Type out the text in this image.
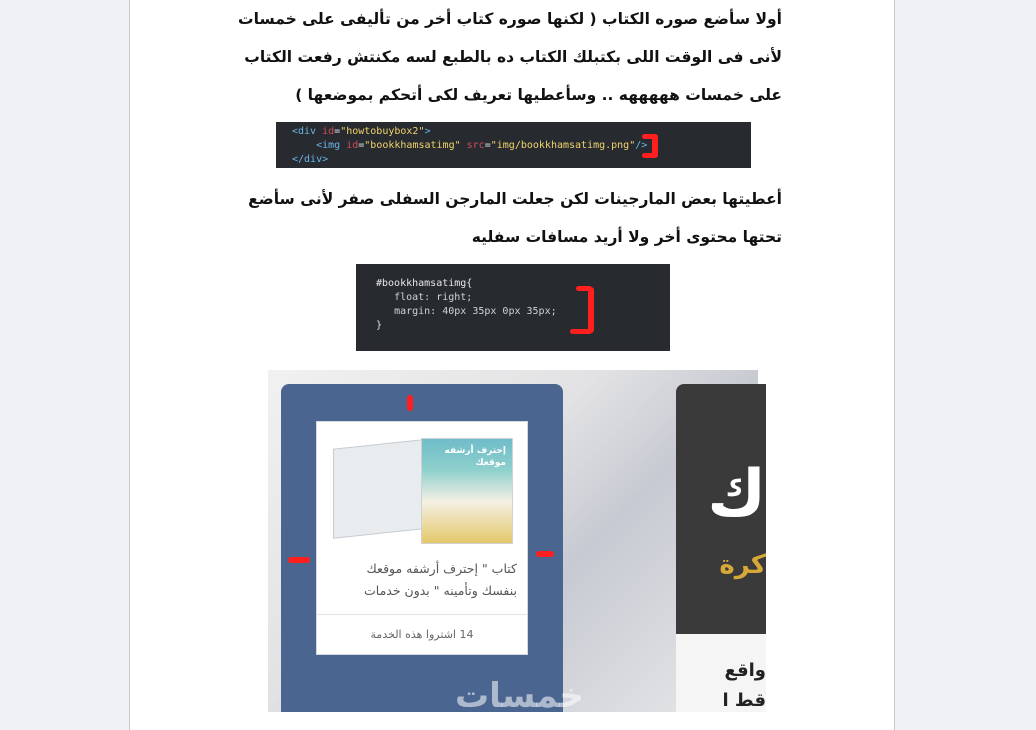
أولا سأضع صوره الكتاب ( لكنها صوره كتاب أخر من تأليفى على خمسات

لأنى فى الوقت اللى بكتبلك الكتاب ده بالطبع لسه مكنتش رفعت الكتاب

على خمسات هههههه .. وسأعطيها تعريف لكى أتحكم بموضعها )

<div id="howtobuybox2">
<img id="bookkhamsatimg" src="img/bookkhamsatimg.png"/>
</div>

أعطيتها بعض المارجينات لكن جعلت المارجن السفلى صفر لأنى سأضع

تحتها محتوى أخر ولا أريد مسافات سفليه

#bookkhamsatimg{
float: right;
margin: 40px 35px 0px 35px;
}
ك
كرة
واقع
قط ا
إحترف أرشفه موقعك
كتاب " إحترف أرشفه موقعك
بنفسك وتأمينه " بدون خدمات
14 اشتروا هذه الخدمة
خمسات
